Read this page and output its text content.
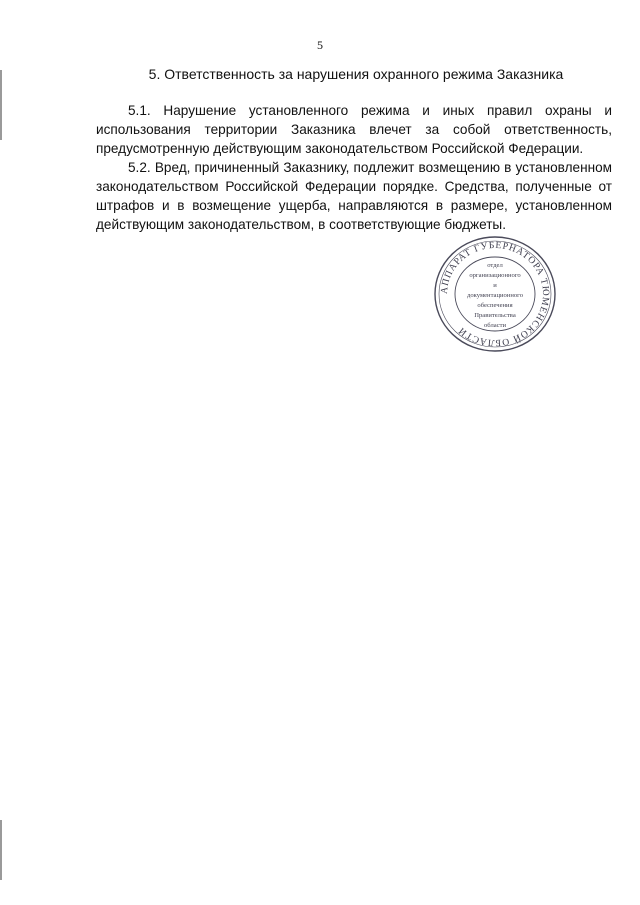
5
5. Ответственность за нарушения охранного режима Заказника

5.1. Нарушение установленного режима и иных правил охраны и использования территории Заказника влечет за собой ответственность, предусмотренную действующим законодательством Российской Федерации.

5.2. Вред, причиненный Заказнику, подлежит возмещению в установленном законодательством Российской Федерации порядке. Средства, полученные от штрафов и в возмещение ущерба, направляются в размере, установленном действующим законодательством, в соответствующие бюджеты.

АППАРАТ ГУБЕРНАТОРА ТЮМЕНСКОЙ ОБЛАСТИ
отдел
организационного
и
документационного
обеспечения
Правительства
области
